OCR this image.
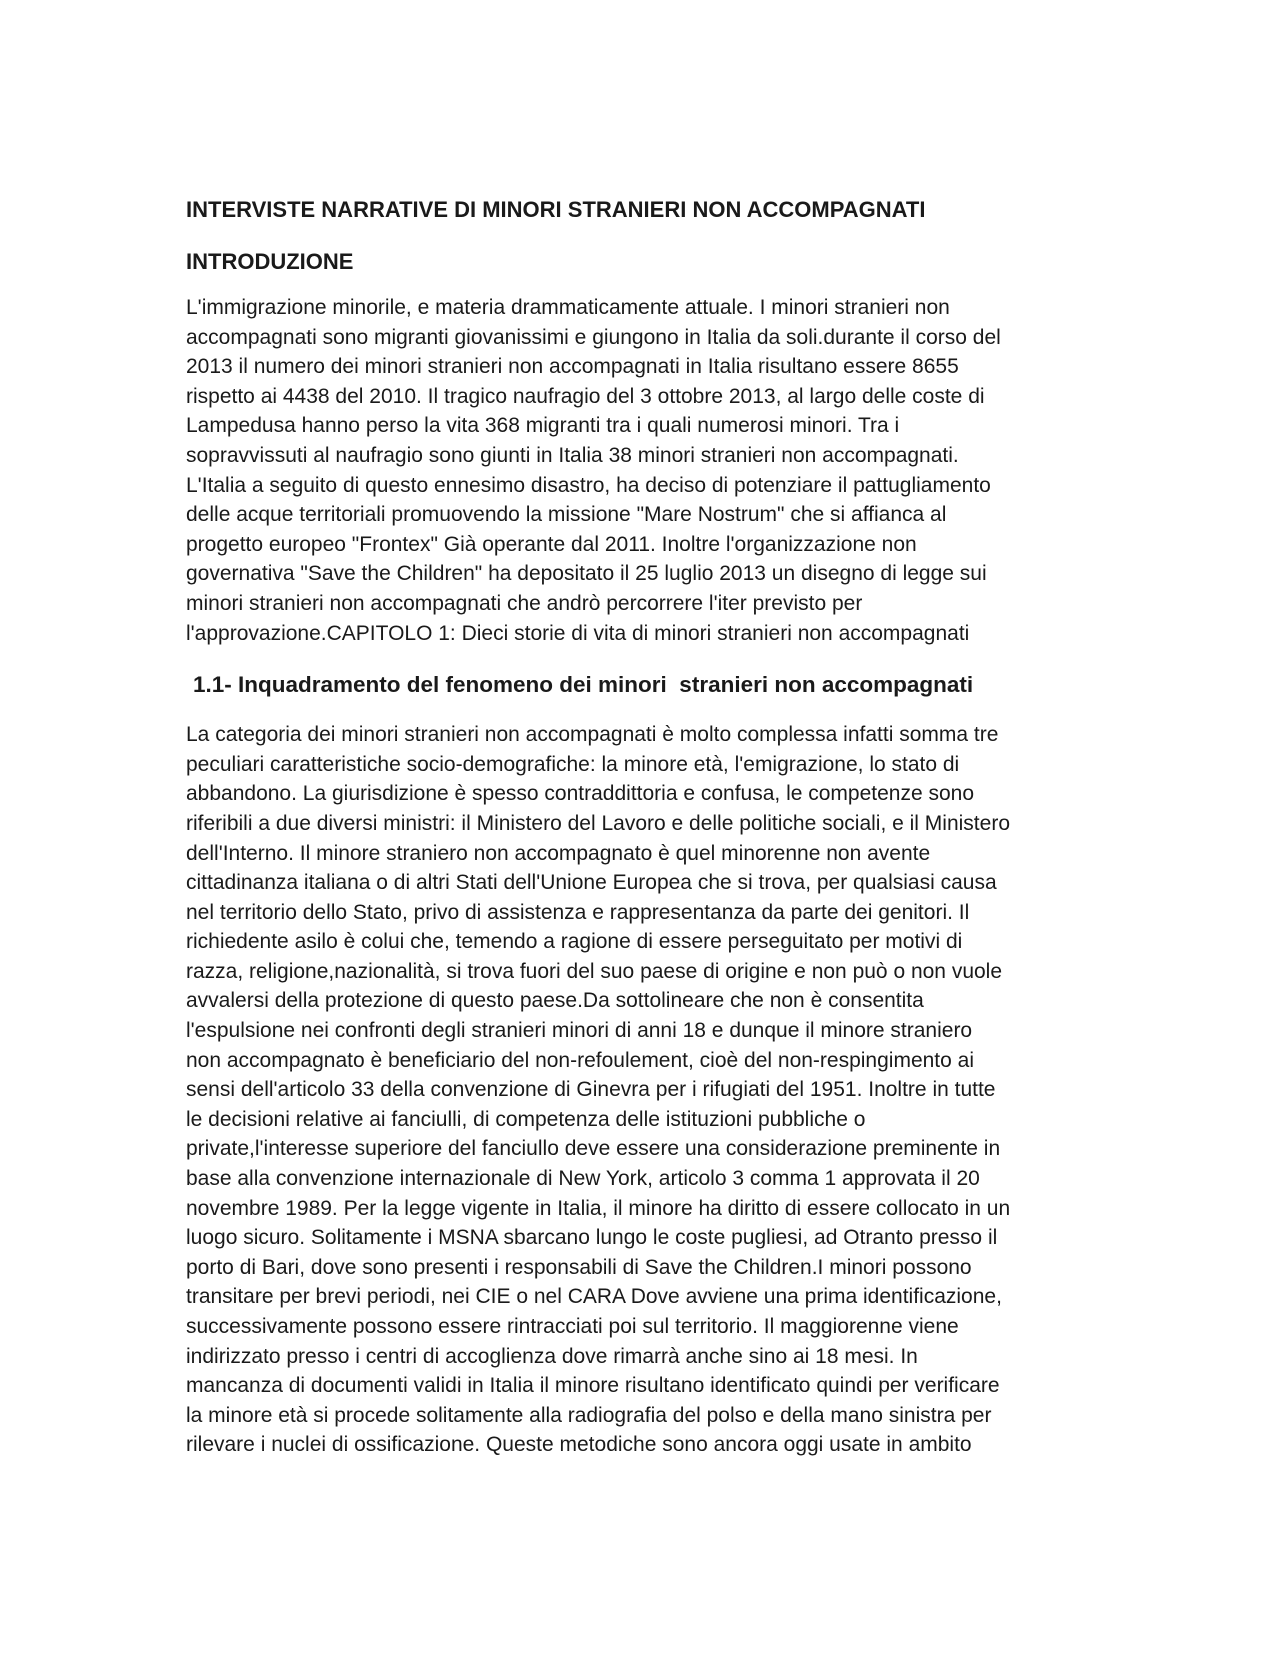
INTERVISTE NARRATIVE DI MINORI STRANIERI NON ACCOMPAGNATI
INTRODUZIONE

L'immigrazione minorile, e materia drammaticamente attuale. I minori stranieri non
accompagnati sono migranti giovanissimi e giungono in Italia da soli.durante il corso del
2013 il numero dei minori stranieri non accompagnati in Italia risultano essere 8655
rispetto ai 4438 del 2010. Il tragico naufragio del 3 ottobre 2013, al largo delle coste di
Lampedusa hanno perso la vita 368 migranti tra i quali numerosi minori. Tra i
sopravvissuti al naufragio sono giunti in Italia 38 minori stranieri non accompagnati.
L'Italia a seguito di questo ennesimo disastro, ha deciso di potenziare il pattugliamento
delle acque territoriali promuovendo la missione "Mare Nostrum" che si affianca al
progetto europeo "Frontex" Già operante dal 2011. Inoltre l'organizzazione non
governativa "Save the Children" ha depositato il 25 luglio 2013 un disegno di legge sui
minori stranieri non accompagnati che andrò percorrere l'iter previsto per
l'approvazione.CAPITOLO 1: Dieci storie di vita di minori stranieri non accompagnati

1.1- Inquadramento del fenomeno dei minori  stranieri non accompagnati

La categoria dei minori stranieri non accompagnati è molto complessa infatti somma tre
peculiari caratteristiche socio-demografiche: la minore età, l'emigrazione, lo stato di
abbandono. La giurisdizione è spesso contraddittoria e confusa, le competenze sono
riferibili a due diversi ministri: il Ministero del Lavoro e delle politiche sociali, e il Ministero
dell'Interno. Il minore straniero non accompagnato è quel minorenne non avente
cittadinanza italiana o di altri Stati dell'Unione Europea che si trova, per qualsiasi causa
nel territorio dello Stato, privo di assistenza e rappresentanza da parte dei genitori. Il
richiedente asilo è colui che, temendo a ragione di essere perseguitato per motivi di
razza, religione,nazionalità, si trova fuori del suo paese di origine e non può o non vuole
avvalersi della protezione di questo paese.Da sottolineare che non è consentita
l'espulsione nei confronti degli stranieri minori di anni 18 e dunque il minore straniero
non accompagnato è beneficiario del non-refoulement, cioè del non-respingimento ai
sensi dell'articolo 33 della convenzione di Ginevra per i rifugiati del 1951. Inoltre in tutte
le decisioni relative ai fanciulli, di competenza delle istituzioni pubbliche o
private,l'interesse superiore del fanciullo deve essere una considerazione preminente in
base alla convenzione internazionale di New York, articolo 3 comma 1 approvata il 20
novembre 1989. Per la legge vigente in Italia, il minore ha diritto di essere collocato in un
luogo sicuro. Solitamente i MSNA sbarcano lungo le coste pugliesi, ad Otranto presso il
porto di Bari, dove sono presenti i responsabili di Save the Children.I minori possono
transitare per brevi periodi, nei CIE o nel CARA Dove avviene una prima identificazione,
successivamente possono essere rintracciati poi sul territorio. Il maggiorenne viene
indirizzato presso i centri di accoglienza dove rimarrà anche sino ai 18 mesi. In
mancanza di documenti validi in Italia il minore risultano identificato quindi per verificare
la minore età si procede solitamente alla radiografia del polso e della mano sinistra per
rilevare i nuclei di ossificazione. Queste metodiche sono ancora oggi usate in ambito
